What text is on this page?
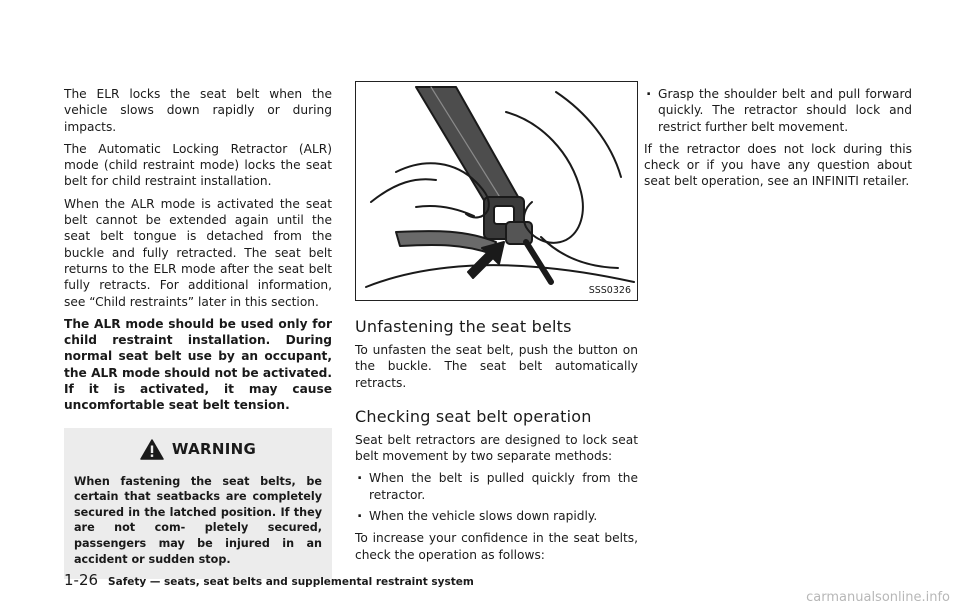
The ELR locks the seat belt when the vehicle slows down rapidly or during impacts.

The Automatic Locking Retractor (ALR) mode (child restraint mode) locks the seat belt for child restraint installation.

When the ALR mode is activated the seat belt cannot be extended again until the seat belt tongue is detached from the buckle and fully retracted. The seat belt returns to the ELR mode after the seat belt fully retracts. For additional information, see “Child restraints” later in this section.

The ALR mode should be used only for child restraint installation. During normal seat belt use by an occupant, the ALR mode should not be activated. If it is activated, it may cause uncomfortable seat belt tension.

WARNING
When fastening the seat belts, be certain that seatbacks are completely secured in the latched position. If they are not com- pletely secured, passengers may be injured in an accident or sudden stop.
SSS0326
Unfastening the seat belts

To unfasten the seat belt, push the button on the buckle. The seat belt automatically retracts.

Checking seat belt operation

Seat belt retractors are designed to lock seat belt movement by two separate methods:

. When the belt is pulled quickly from the retractor.
. When the vehicle slows down rapidly.

To increase your confidence in the seat belts, check the operation as follows:

. Grasp the shoulder belt and pull forward quickly. The retractor should lock and restrict further belt movement.

If the retractor does not lock during this check or if you have any question about seat belt operation, see an INFINITI retailer.

1-26 Safety — seats, seat belts and supplemental restraint system
carmanualsonline.info
